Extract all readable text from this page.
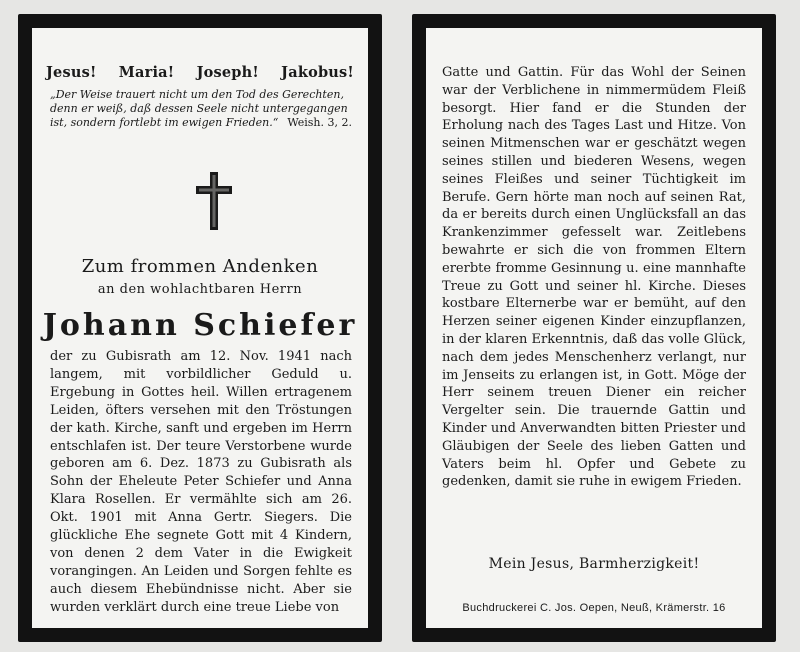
Jesus! Maria! Joseph! Jakobus!
„Der Weise trauert nicht um den Tod des Gerechten, denn er weiß, daß dessen Seele nicht untergegangen ist, sondern fortlebt im ewigen Frieden.“ Weish. 3, 2.
Zum frommen Andenken
an den wohlachtbaren Herrn
Johann Schiefer
der zu Gubisrath am 12. Nov. 1941 nach langem, mit vorbildlicher Geduld u. Ergebung in Gottes heil. Willen ertragenem Leiden, öfters versehen mit den Tröstungen der kath. Kirche, sanft und ergeben im Herrn entschlafen ist. Der teure Verstorbene wurde geboren am 6. Dez. 1873 zu Gubisrath als Sohn der Eheleute Peter Schiefer und Anna Klara Rosellen. Er vermählte sich am 26. Okt. 1901 mit Anna Gertr. Siegers. Die glückliche Ehe segnete Gott mit 4 Kindern, von denen 2 dem Vater in die Ewigkeit vorangingen. An Leiden und Sorgen fehlte es auch diesem Ehebündnisse nicht. Aber sie wurden verklärt durch eine treue Liebe von
Gatte und Gattin. Für das Wohl der Seinen war der Verblichene in nimmermüdem Fleiß besorgt. Hier fand er die Stunden der Erholung nach des Tages Last und Hitze. Von seinen Mitmenschen war er geschätzt wegen seines stillen und biederen Wesens, wegen seines Fleißes und seiner Tüchtigkeit im Berufe. Gern hörte man noch auf seinen Rat, da er bereits durch einen Unglücksfall an das Krankenzimmer gefesselt war. Zeitlebens bewahrte er sich die von frommen Eltern ererbte fromme Gesinnung u. eine mannhafte Treue zu Gott und seiner hl. Kirche. Dieses kostbare Elternerbe war er bemüht, auf den Herzen seiner eigenen Kinder einzupflanzen, in der klaren Erkenntnis, daß das volle Glück, nach dem jedes Menschenherz verlangt, nur im Jenseits zu erlangen ist, in Gott. Möge der Herr seinem treuen Diener ein reicher Vergelter sein. Die trauernde Gattin und Kinder und Anverwandten bitten Priester und Gläubigen der Seele des lieben Gatten und Vaters beim hl. Opfer und Gebete zu gedenken, damit sie ruhe in ewigem Frieden.
Mein Jesus, Barmherzigkeit!
Buchdruckerei C. Jos. Oepen, Neuß, Krämerstr. 16
